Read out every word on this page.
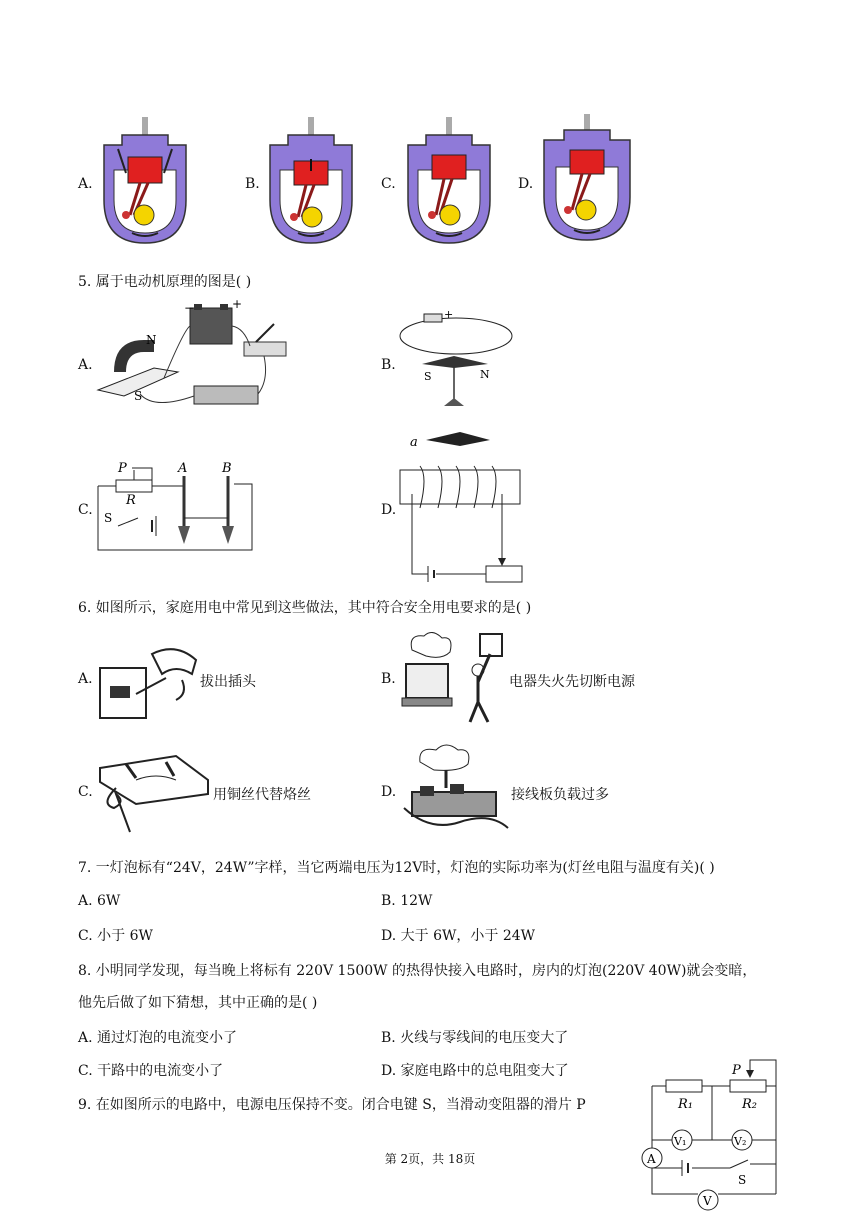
A.	B.	C.	D.
5. 属于电动机原理的图是( )
A.
−	+
N
S
B.
+
S	N
C.
P
R
A	B
S	D.
a
6. 如图所示，家庭用电中常见到这些做法，其中符合安全用电要求的是( )
A.	拔出插头	B.	电器失火先切断电源
C.	用铜丝代替烙丝	D.	接线板负载过多
7. 一灯泡标有“24V，24W”字样，当它两端电压为12V时，灯泡的实际功率为(灯丝电阻与温度有关)( )
A. 6W	B. 12W
C. 小于 6W	D. 大于 6W，小于 24W
8. 小明同学发现，每当晚上将标有 220V 1500W 的热得快接入电路时，房内的灯泡(220V 40W)就会变暗，
他先后做了如下猜想，其中正确的是( )
A. 通过灯泡的电流变小了	B. 火线与零线间的电压变大了
C. 干路中的电流变小了	D. 家庭电路中的总电阻变大了
9. 在如图所示的电路中，电源电压保持不变。闭合电键 S，当滑动变阻器的滑片 P
P
R₁	R₂
V₁	V₂
A
S
V
第 2页，共 18页
